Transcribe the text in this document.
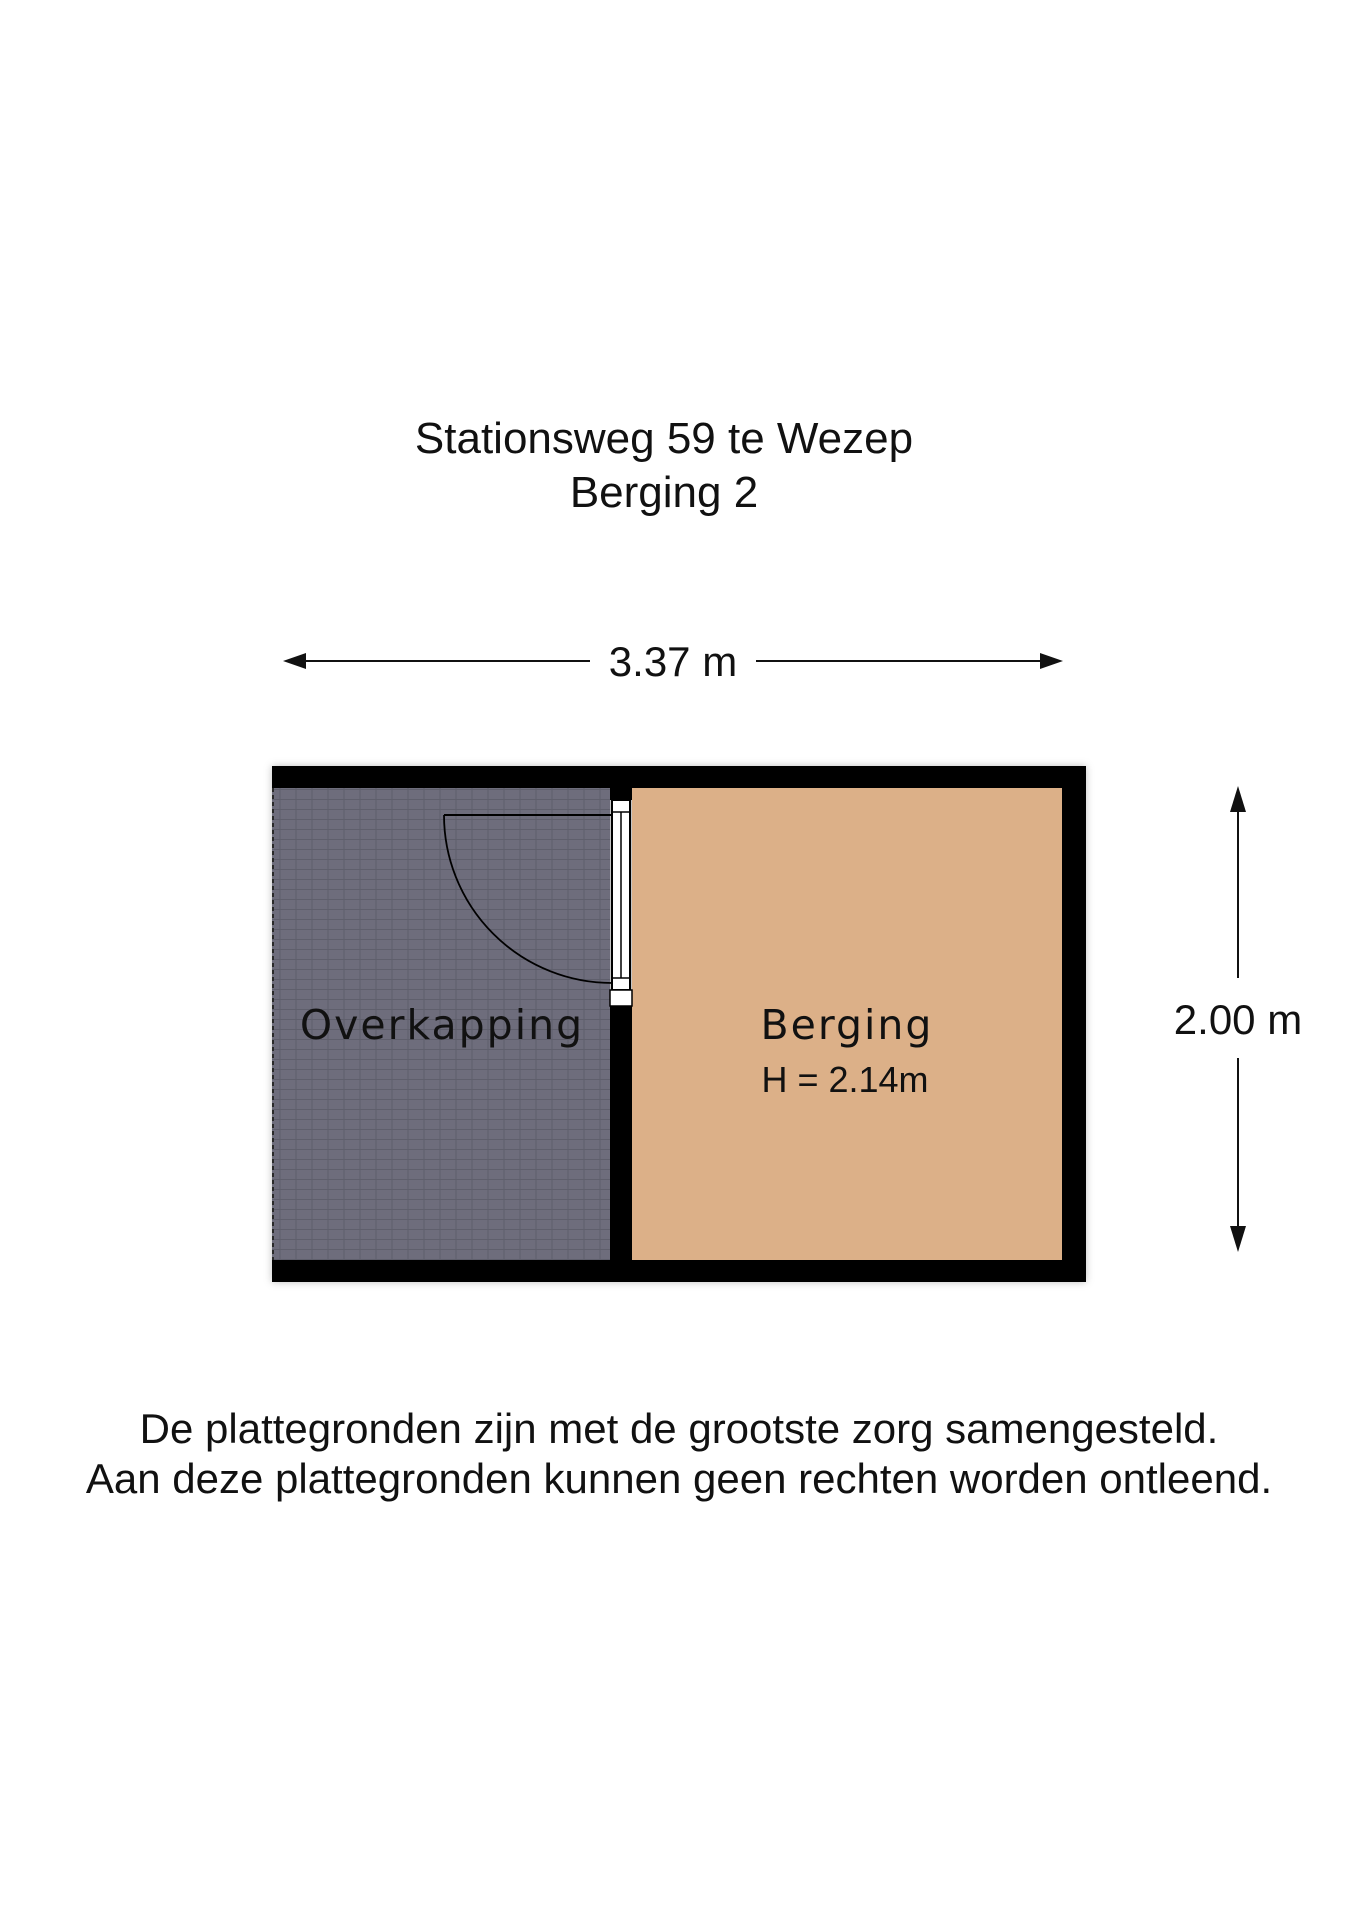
Stationsweg 59 te Wezep
Berging 2
3.37 m
2.00 m
Overkapping	Berging
H = 2.14m
De plattegronden zijn met de grootste zorg samengesteld.
Aan deze plattegronden kunnen geen rechten worden ontleend.
